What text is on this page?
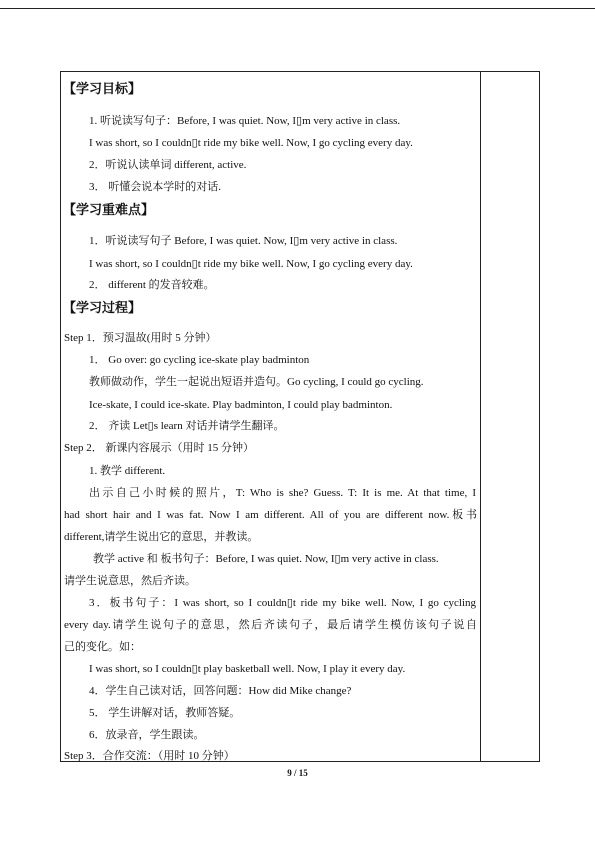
【学习目标】
1. 听说读写句子：Before, I was quiet. Now, I▯m very active in class.
I was short, so I couldn▯t ride my bike well. Now, I go cycling every day.
2．听说认读单词 different, active.
3． 听懂会说本学时的对话.
【学习重难点】
1．听说读写句子 Before, I was quiet. Now, I▯m very active in class.
I was short, so I couldn▯t ride my bike well. Now, I go cycling every day.
2． different 的发音较难。
【学习过程】
Step 1．预习温故(用时 5 分钟）
1． Go over: go cycling ice-skate play badminton
教师做动作，学生一起说出短语并造句。Go cycling, I could go cycling.
Ice-skate, I could ice-skate. Play badminton, I could play badminton.
2． 齐读 Let▯s learn 对话并请学生翻译。
Step 2． 新课内容展示（用时 15 分钟）
1. 教学 different.
出示自己小时候的照片，T: Who is she? Guess. T: It is me. At that time, I
had short hair and I was fat. Now I am different. All of you are different now.板书
different,请学生说出它的意思，并教读。
教学 active 和 板书句子：Before, I was quiet. Now, I▯m very active in class.
请学生说意思，然后齐读。
3．板书句子：I was short, so I couldn▯t ride my bike well. Now, I go cycling
every day.请学生说句子的意思，然后齐读句子，最后请学生模仿该句子说自
己的变化。如：
I was short, so I couldn▯t play basketball well. Now, I play it every day.
4．学生自己读对话，回答问题：How did Mike change?
5． 学生讲解对话，教师答疑。
6．放录音，学生跟读。
Step 3．合作交流：（用时 10 分钟）
9 / 15
